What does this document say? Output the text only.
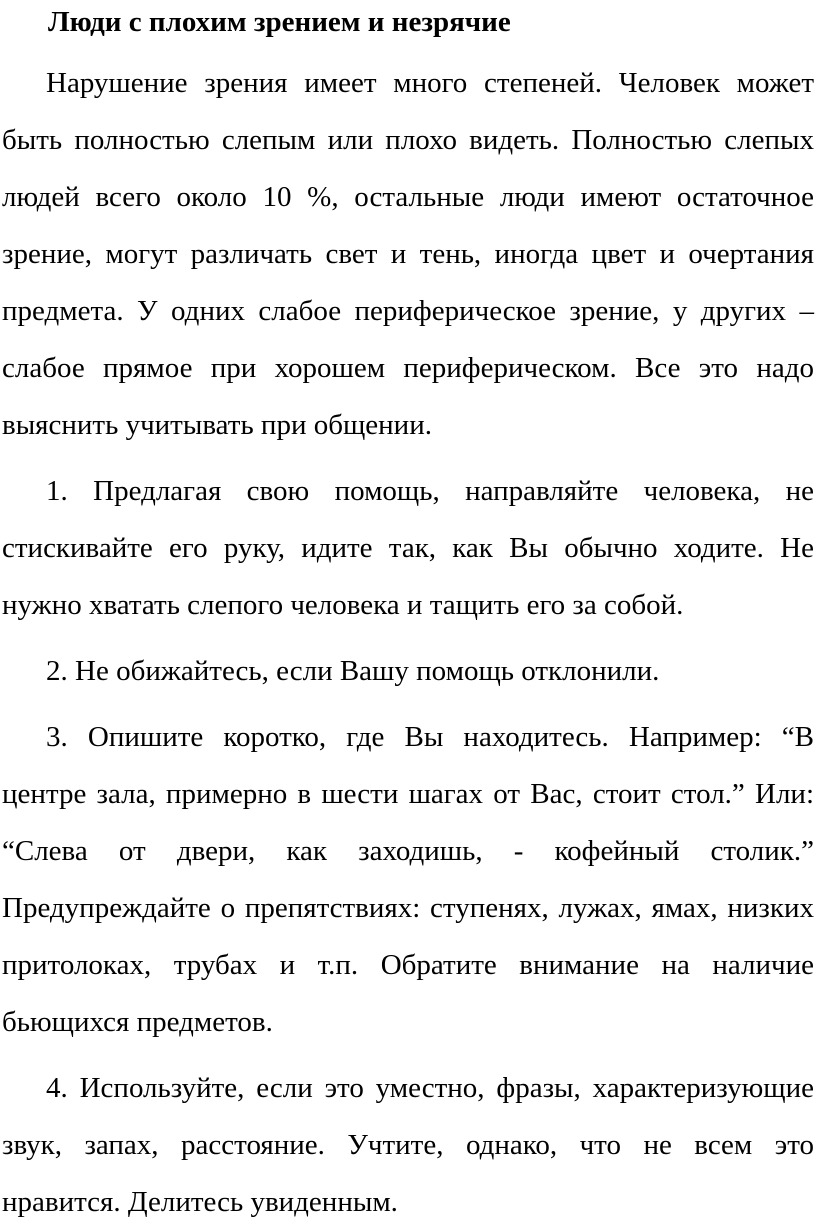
Люди с плохим зрением и незрячие

Нарушение зрения имеет много степеней. Человек может быть полностью слепым или плохо видеть. Полностью слепых людей всего около 10 %, остальные люди имеют остаточное зрение, могут различать свет и тень, иногда цвет и очертания предмета. У одних слабое периферическое зрение, у других – слабое прямое при хорошем периферическом. Все это надо выяснить учитывать при общении.

1. Предлагая свою помощь, направляйте человека, не стискивайте его руку, идите так, как Вы обычно ходите. Не нужно хватать слепого человека и тащить его за собой.

2. Не обижайтесь, если Вашу помощь отклонили.

3. Опишите коротко, где Вы находитесь. Например: “В центре зала, примерно в шести шагах от Вас, стоит стол.” Или: “Слева от двери, как заходишь, - кофейный столик.” Предупреждайте о препятствиях: ступенях, лужах, ямах, низких притолоках, трубах и т.п. Обратите внимание на наличие бьющихся предметов.

4. Используйте, если это уместно, фразы, характеризующие звук, запах, расстояние. Учтите, однако, что не всем это нравится. Делитесь увиденным.
